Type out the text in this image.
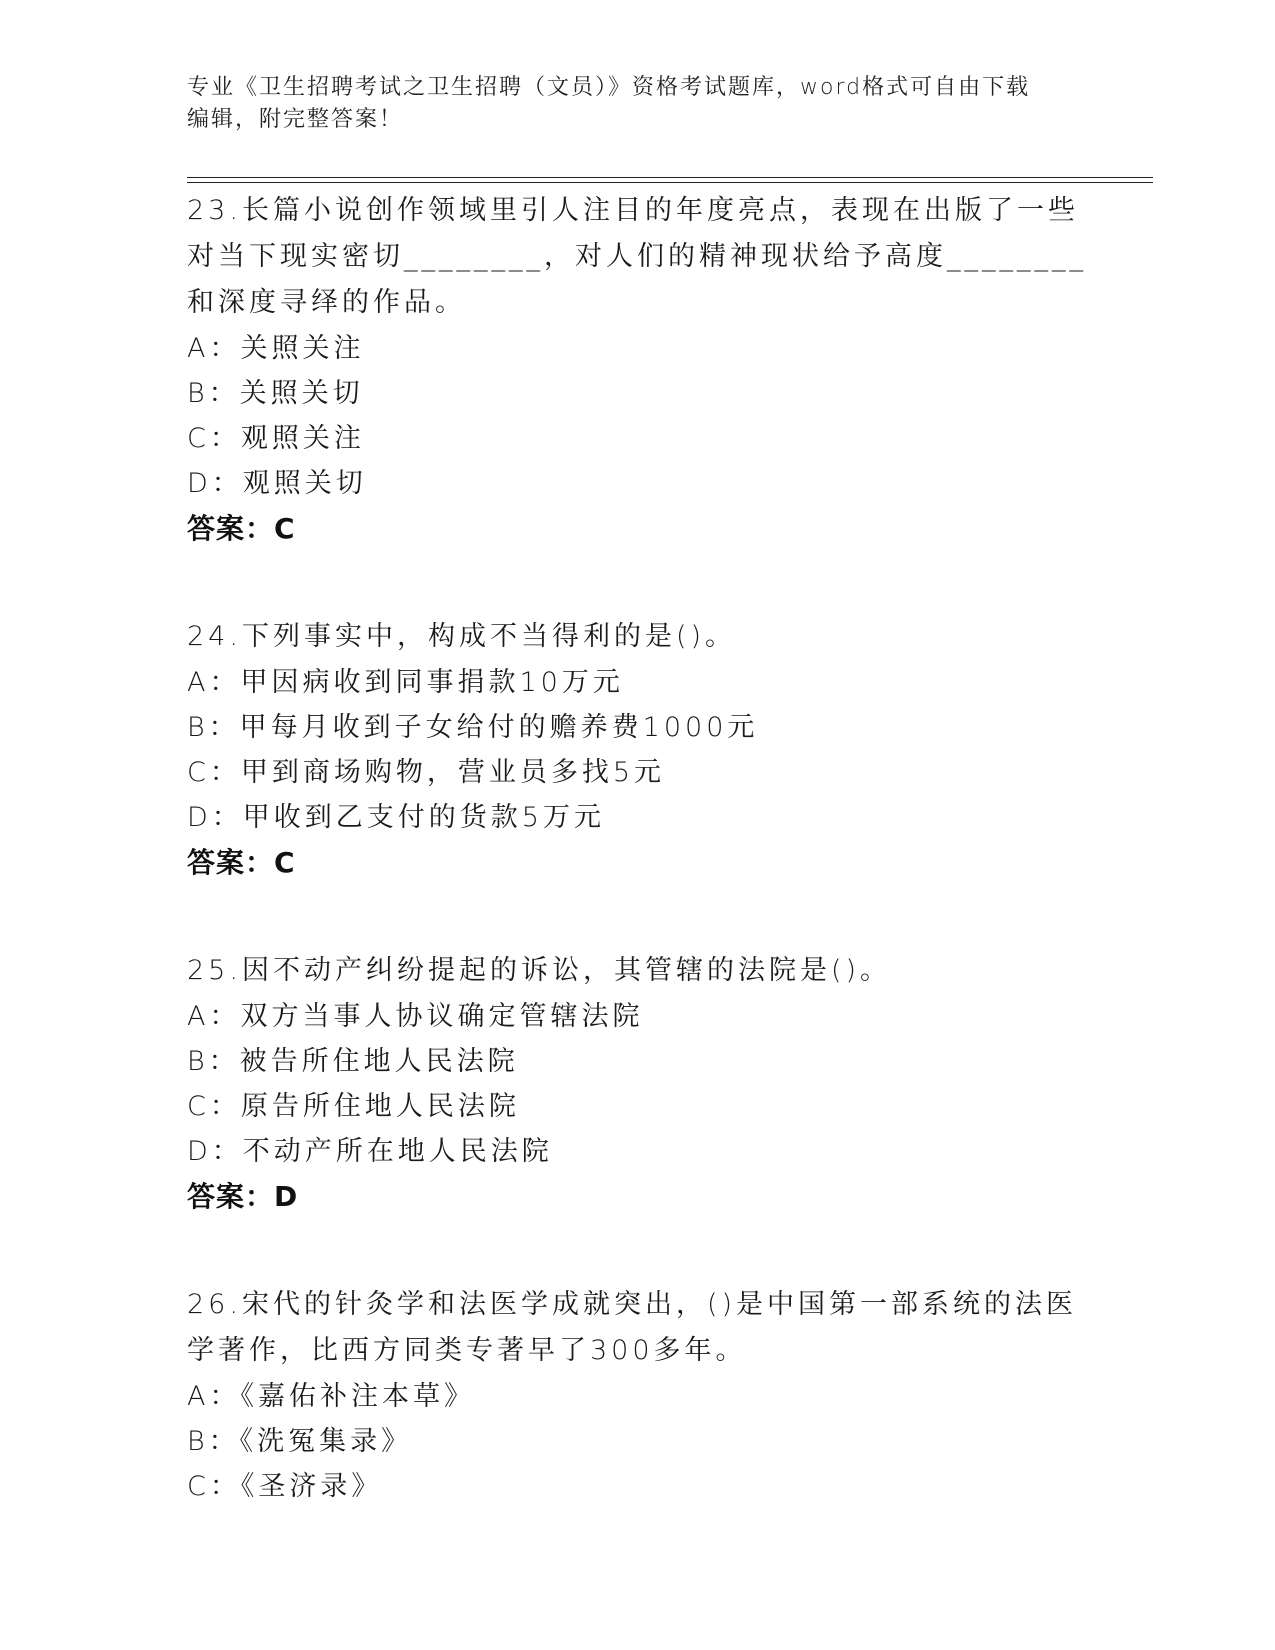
专业《卫生招聘考试之卫生招聘（文员）》资格考试题库，word格式可自由下载
编辑，附完整答案！
23.长篇小说创作领域里引人注目的年度亮点，表现在出版了一些对当下现实密切________，对人们的精神现状给予高度________和深度寻绎的作品。
A：关照关注
B：关照关切
C：观照关注
D：观照关切
答案：C
24.下列事实中，构成不当得利的是()。
A：甲因病收到同事捐款10万元
B：甲每月收到子女给付的赡养费1000元
C：甲到商场购物，营业员多找5元
D：甲收到乙支付的货款5万元
答案：C
25.因不动产纠纷提起的诉讼，其管辖的法院是()。
A：双方当事人协议确定管辖法院
B：被告所住地人民法院
C：原告所住地人民法院
D：不动产所在地人民法院
答案：D
26.宋代的针灸学和法医学成就突出，()是中国第一部系统的法医学著作，比西方同类专著早了300多年。
A：《嘉佑补注本草》
B：《洗冤集录》
C：《圣济录》
